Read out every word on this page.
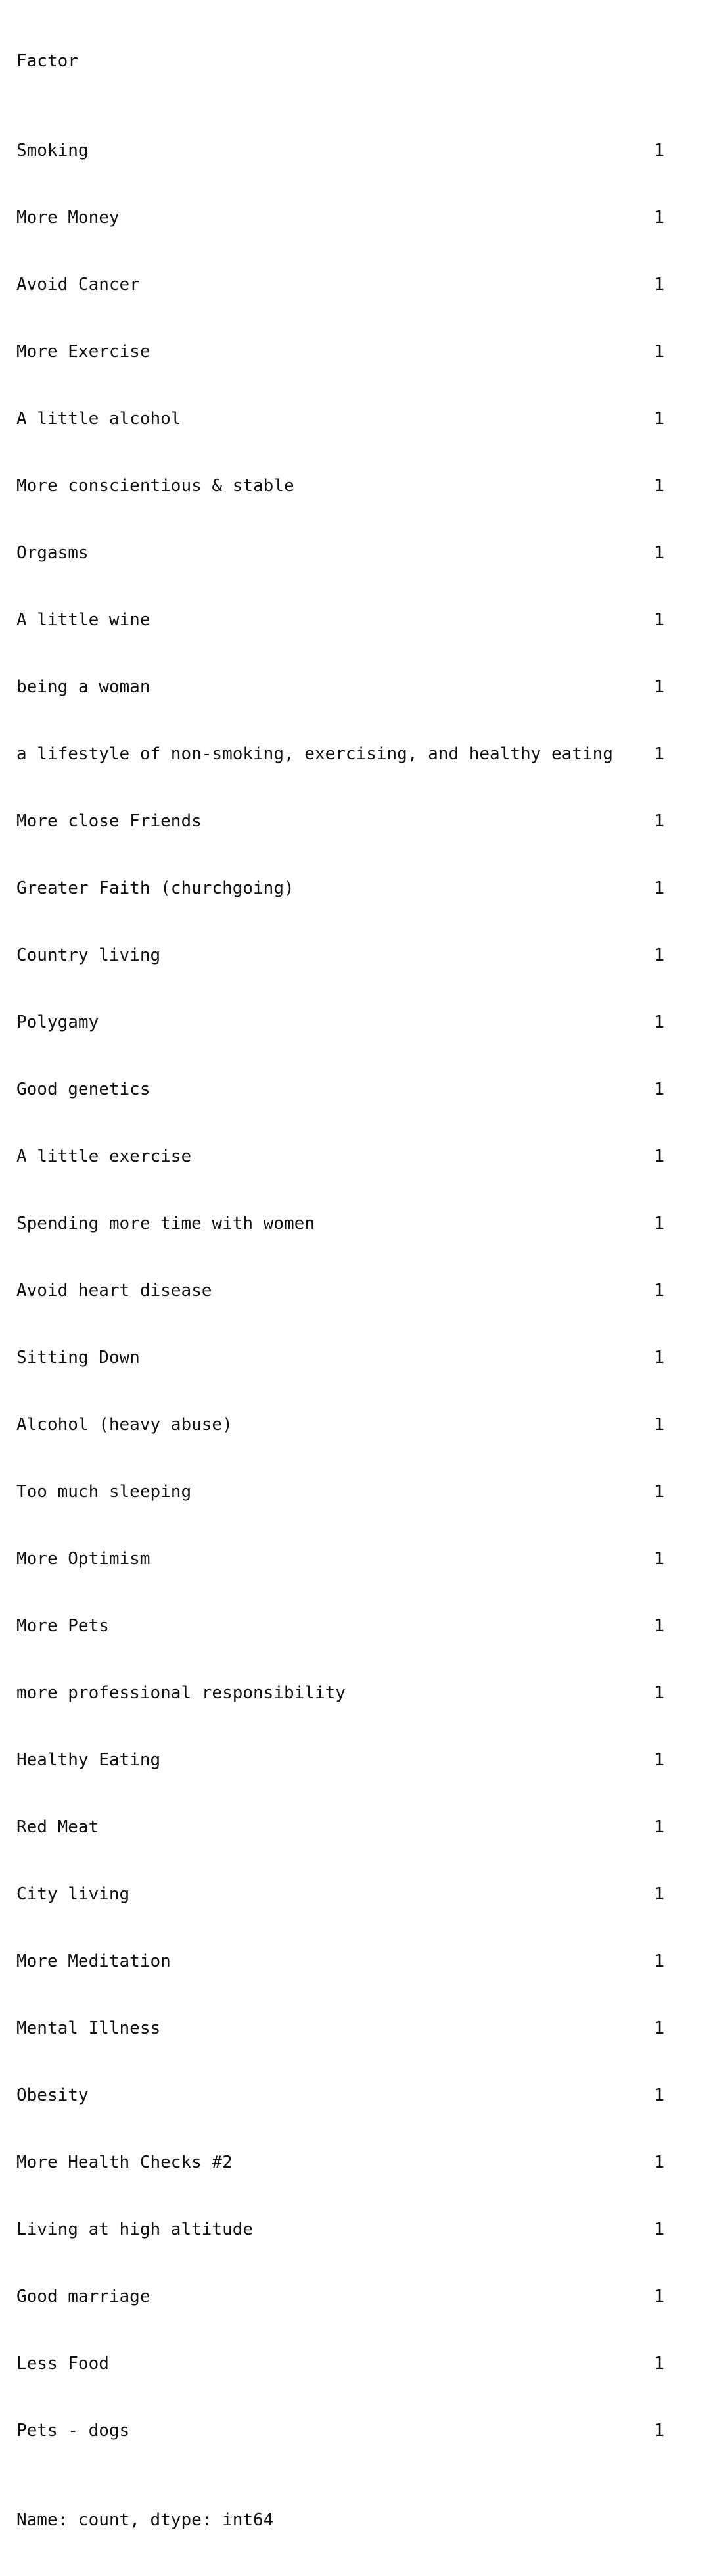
Factor

Smoking	1

More Money	1

Avoid Cancer	1

More Exercise	1

A little alcohol	1

More conscientious & stable	1

Orgasms	1

A little wine	1

being a woman	1

a lifestyle of non-smoking, exercising, and healthy eating 1

More close Friends	1

Greater Faith (churchgoing)	1

Country living	1

Polygamy	1

Good genetics	1

A little exercise	1

Spending more time with women	1

Avoid heart disease	1

Sitting Down	1

Alcohol (heavy abuse)	1

Too much sleeping	1

More Optimism	1

More Pets	1

more professional responsibility	1

Healthy Eating	1

Red Meat	1

City living	1

More Meditation	1

Mental Illness	1

Obesity	1

More Health Checks #2	1

Living at high altitude	1

Good marriage	1

Less Food	1

Pets - dogs	1

Name: count, dtype: int64
